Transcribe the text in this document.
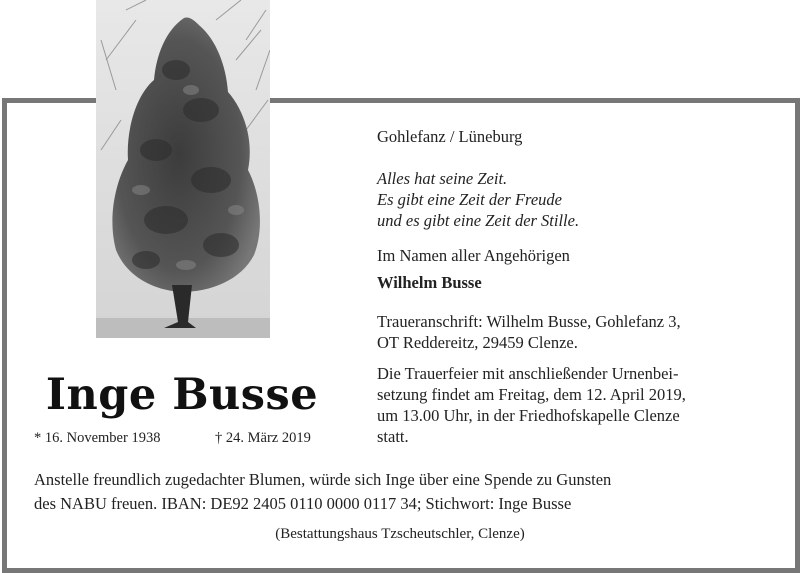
Inge Busse
* 16. November 1938	† 24. März 2019

Gohlefanz / Lüneburg

Alles hat seine Zeit.
Es gibt eine Zeit der Freude
und es gibt eine Zeit der Stille.

Im Namen aller Angehörigen

Wilhelm Busse

Traueranschrift: Wilhelm Busse, Gohlefanz 3,
OT Reddereitz, 29459 Clenze.
Die Trauerfeier mit anschließender Urnenbei-
setzung findet am Freitag, dem 12. April 2019,
um 13.00 Uhr, in der Friedhofskapelle Clenze
statt.
Anstelle freundlich zugedachter Blumen, würde sich Inge über eine Spende zu Gunsten
des NABU freuen. IBAN: DE92 2405 0110 0000 0117 34; Stichwort: Inge Busse
(Bestattungshaus Tzscheutschler, Clenze)
